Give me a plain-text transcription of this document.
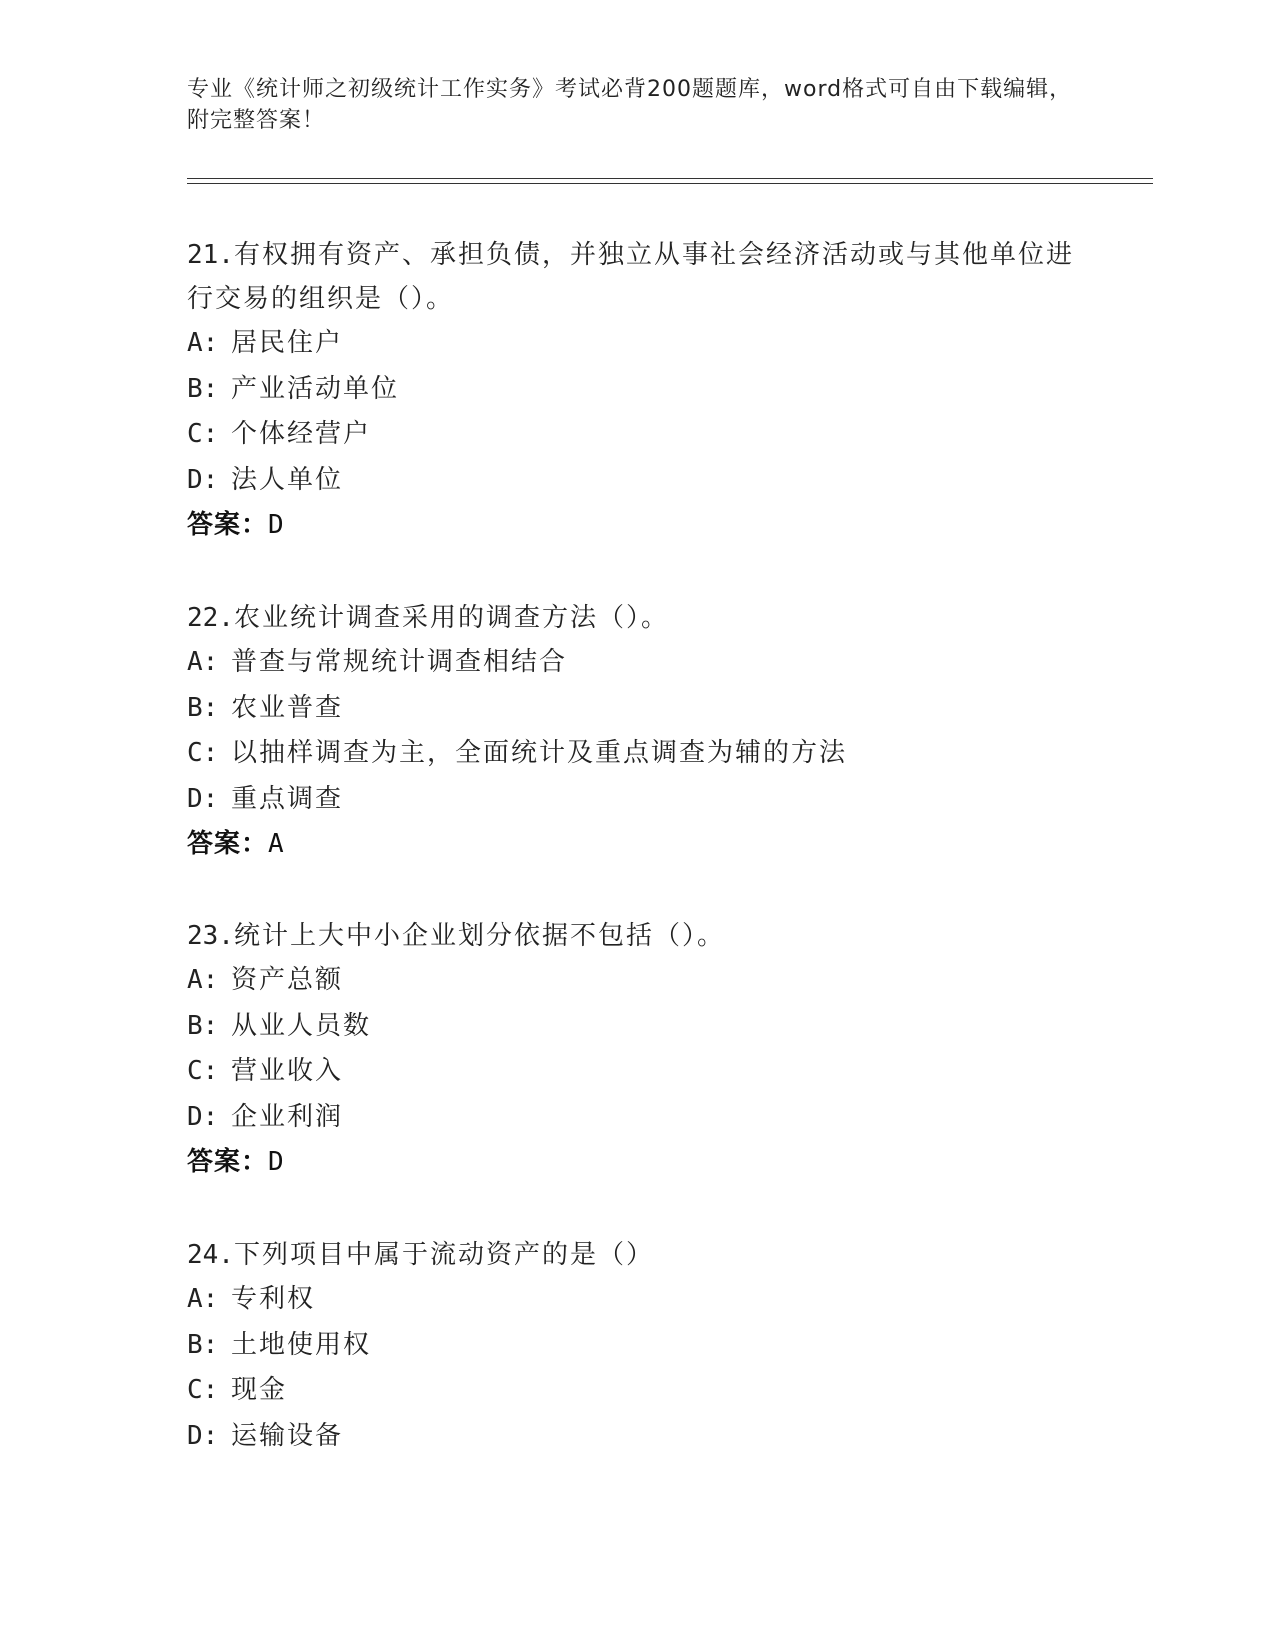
专业《统计师之初级统计工作实务》考试必背200题题库，word格式可自由下载编辑，附完整答案！

21.有权拥有资产、承担负债，并独立从事社会经济活动或与其他单位进行交易的组织是（）。

A: 居民住户
B: 产业活动单位
C: 个体经营户
D: 法人单位
答案：D

22.农业统计调查采用的调查方法（）。

A: 普查与常规统计调查相结合
B: 农业普查
C: 以抽样调查为主，全面统计及重点调查为辅的方法
D: 重点调查
答案：A

23.统计上大中小企业划分依据不包括（）。

A: 资产总额
B: 从业人员数
C: 营业收入
D: 企业利润
答案：D

24.下列项目中属于流动资产的是（）

A: 专利权
B: 土地使用权
C: 现金
D: 运输设备
